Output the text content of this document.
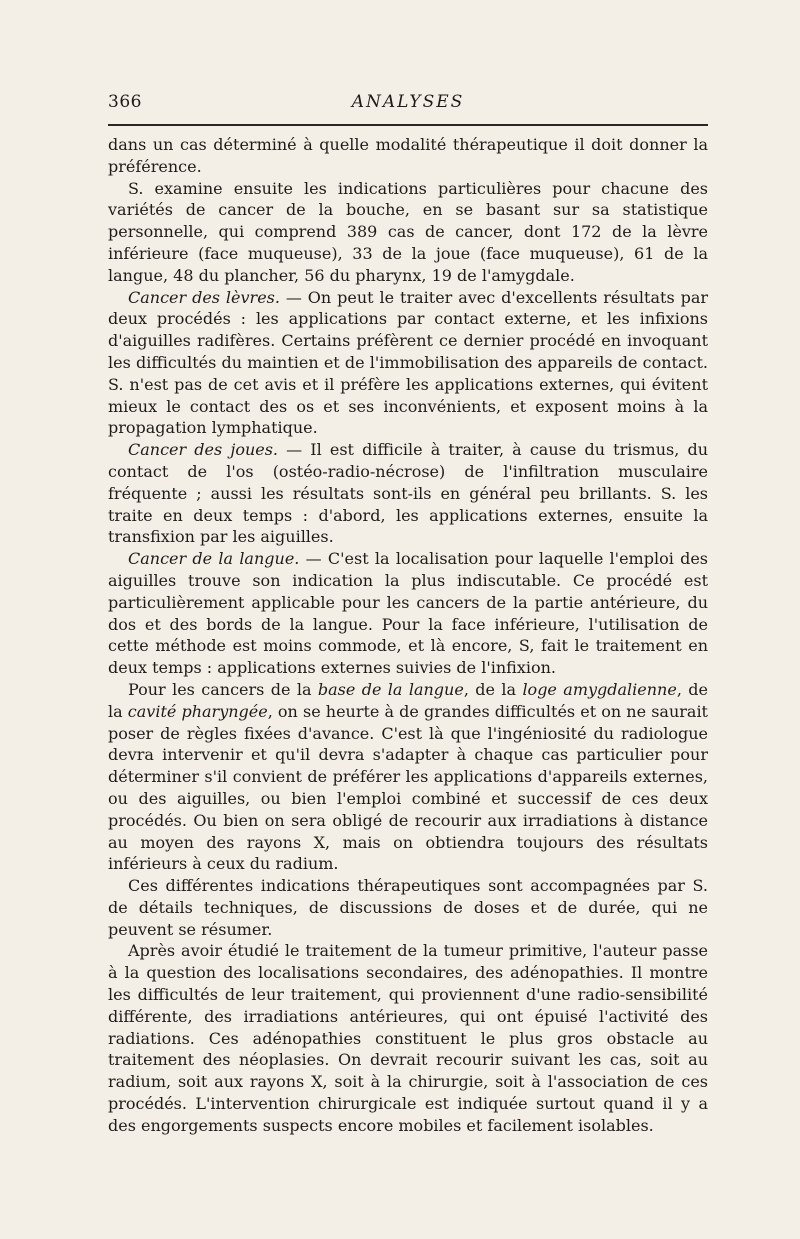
366	ANALYSES

dans un cas déterminé à quelle modalité thérapeutique il doit donner la préférence.

S. examine ensuite les indications particulières pour chacune des variétés de cancer de la bouche, en se basant sur sa statistique personnelle, qui comprend 389 cas de cancer, dont 172 de la lèvre inférieure (face muqueuse), 33 de la joue (face muqueuse), 61 de la langue, 48 du plancher, 56 du pharynx, 19 de l'amygdale.

Cancer des lèvres. — On peut le traiter avec d'excellents résultats par deux procédés : les applications par contact externe, et les infixions d'aiguilles radifères. Certains préfèrent ce dernier procédé en invoquant les difficultés du maintien et de l'immobilisation des appareils de contact. S. n'est pas de cet avis et il préfère les applications externes, qui évitent mieux le contact des os et ses inconvénients, et exposent moins à la propagation lymphatique.

Cancer des joues. — Il est difficile à traiter, à cause du trismus, du contact de l'os (ostéo-radio-nécrose) de l'infiltration musculaire fréquente ; aussi les résultats sont-ils en général peu brillants. S. les traite en deux temps : d'abord, les applications externes, ensuite la transfixion par les aiguilles.

Cancer de la langue. — C'est la localisation pour laquelle l'emploi des aiguilles trouve son indication la plus indiscutable. Ce procédé est particulièrement applicable pour les cancers de la partie antérieure, du dos et des bords de la langue. Pour la face inférieure, l'utilisation de cette méthode est moins commode, et là encore, S, fait le traitement en deux temps : applications externes suivies de l'infixion.

Pour les cancers de la base de la langue, de la loge amygdalienne, de la cavité pharyngée, on se heurte à de grandes difficultés et on ne saurait poser de règles fixées d'avance. C'est là que l'ingéniosité du radiologue devra intervenir et qu'il devra s'adapter à chaque cas particulier pour déterminer s'il convient de préférer les applications d'appareils externes, ou des aiguilles, ou bien l'emploi combiné et successif de ces deux procédés. Ou bien on sera obligé de recourir aux irradiations à distance au moyen des rayons X, mais on obtiendra toujours des résultats inférieurs à ceux du radium.

Ces différentes indications thérapeutiques sont accompagnées par S. de détails techniques, de discussions de doses et de durée, qui ne peuvent se résumer.

Après avoir étudié le traitement de la tumeur primitive, l'auteur passe à la question des localisations secondaires, des adénopathies. Il montre les difficultés de leur traitement, qui proviennent d'une radio-sensibilité différente, des irradiations antérieures, qui ont épuisé l'activité des radiations. Ces adénopathies constituent le plus gros obstacle au traitement des néoplasies. On devrait recourir suivant les cas, soit au radium, soit aux rayons X, soit à la chirurgie, soit à l'association de ces procédés. L'intervention chirurgicale est indiquée surtout quand il y a des engorgements suspects encore mobiles et facilement isolables.
